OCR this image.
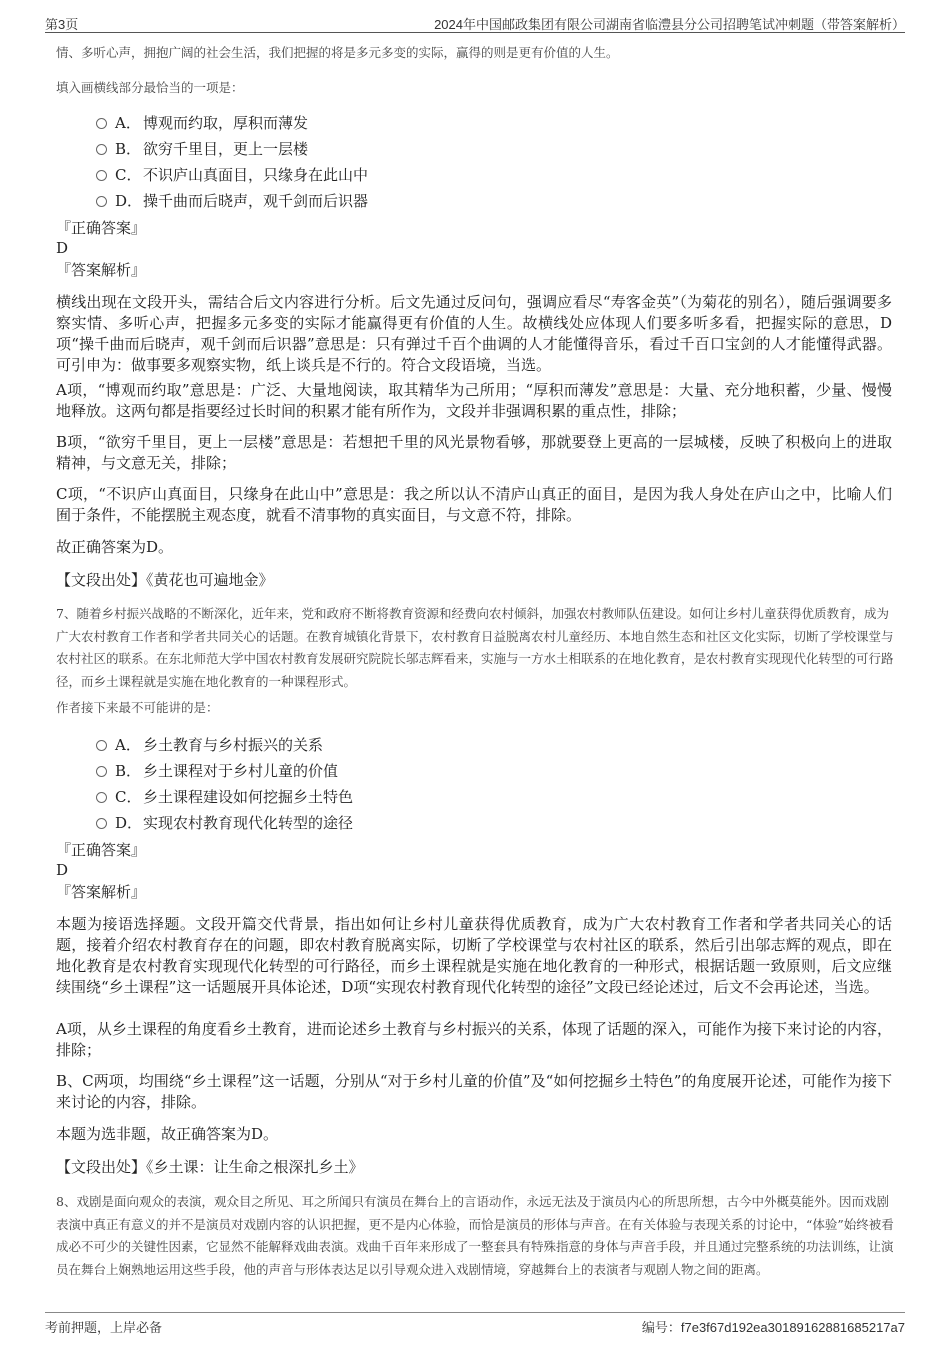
第3页	2024年中国邮政集团有限公司湖南省临澧县分公司招聘笔试冲刺题（带答案解析）
情、多听心声，拥抱广阔的社会生活，我们把握的将是多元多变的实际，赢得的则是更有价值的人生。
填入画横线部分最恰当的一项是：
A． 博观而约取，厚积而薄发
B． 欲穷千里目，更上一层楼
C． 不识庐山真面目，只缘身在此山中
D．操千曲而后晓声，观千剑而后识器
『正确答案』
D
『答案解析』
横线出现在文段开头，需结合后文内容进行分析。后文先通过反问句，强调应看尽“寿客金英”（为菊花的别名），随后强调要多察实情、多听心声，把握多元多变的实际才能赢得更有价值的人生。故横线处应体现人们要多听多看，把握实际的意思，D项“操千曲而后晓声，观千剑而后识器”意思是：只有弹过千百个曲调的人才能懂得音乐，看过千百口宝剑的人才能懂得武器。可引申为：做事要多观察实物，纸上谈兵是不行的。符合文段语境，当选。
A项，“博观而约取”意思是：广泛、大量地阅读，取其精华为己所用；“厚积而薄发”意思是：大量、充分地积蓄，少量、慢慢地释放。这两句都是指要经过长时间的积累才能有所作为，文段并非强调积累的重点性，排除；
B项，“欲穷千里目，更上一层楼”意思是：若想把千里的风光景物看够，那就要登上更高的一层城楼，反映了积极向上的进取精神，与文意无关，排除；
C项，“不识庐山真面目，只缘身在此山中”意思是：我之所以认不清庐山真正的面目，是因为我人身处在庐山之中，比喻人们囿于条件，不能摆脱主观态度，就看不清事物的真实面目，与文意不符，排除。
故正确答案为D。
【文段出处】《黄花也可遍地金》
7、随着乡村振兴战略的不断深化，近年来，党和政府不断将教育资源和经费向农村倾斜，加强农村教师队伍建设。如何让乡村儿童获得优质教育，成为广大农村教育工作者和学者共同关心的话题。在教育城镇化背景下，农村教育日益脱离农村儿童经历、本地自然生态和社区文化实际，切断了学校课堂与农村社区的联系。在东北师范大学中国农村教育发展研究院院长邬志辉看来，实施与一方水土相联系的在地化教育，是农村教育实现现代化转型的可行路径，而乡土课程就是实施在地化教育的一种课程形式。
作者接下来最不可能讲的是：
A． 乡土教育与乡村振兴的关系
B． 乡土课程对于乡村儿童的价值
C． 乡土课程建设如何挖掘乡土特色
D．实现农村教育现代化转型的途径
『正确答案』
D
『答案解析』
本题为接语选择题。文段开篇交代背景，指出如何让乡村儿童获得优质教育，成为广大农村教育工作者和学者共同关心的话题，接着介绍农村教育存在的问题，即农村教育脱离实际，切断了学校课堂与农村社区的联系，然后引出邬志辉的观点，即在地化教育是农村教育实现现代化转型的可行路径，而乡土课程就是实施在地化教育的一种形式，根据话题一致原则，后文应继续围绕“乡土课程”这一话题展开具体论述，D项“实现农村教育现代化转型的途径”文段已经论述过，后文不会再论述，当选。
A项，从乡土课程的角度看乡土教育，进而论述乡土教育与乡村振兴的关系，体现了话题的深入，可能作为接下来讨论的内容，排除；
B、C两项，均围绕“乡土课程”这一话题，分别从“对于乡村儿童的价值”及“如何挖掘乡土特色”的角度展开论述，可能作为接下来讨论的内容，排除。
本题为选非题，故正确答案为D。
【文段出处】《乡土课：让生命之根深扎乡土》
8、戏剧是面向观众的表演，观众目之所见、耳之所闻只有演员在舞台上的言语动作，永远无法及于演员内心的所思所想，古今中外概莫能外。因而戏剧表演中真正有意义的并不是演员对戏剧内容的认识把握，更不是内心体验，而恰是演员的形体与声音。在有关体验与表现关系的讨论中，“体验”始终被看成必不可少的关键性因素，它显然不能解释戏曲表演。戏曲千百年来形成了一整套具有特殊指意的身体与声音手段，并且通过完整系统的功法训练，让演员在舞台上娴熟地运用这些手段，他的声音与形体表达足以引导观众进入戏剧情境，穿越舞台上的表演者与观剧人物之间的距离。
考前押题，上岸必备	编号：f7e3f67d192ea30189162881685217a7
